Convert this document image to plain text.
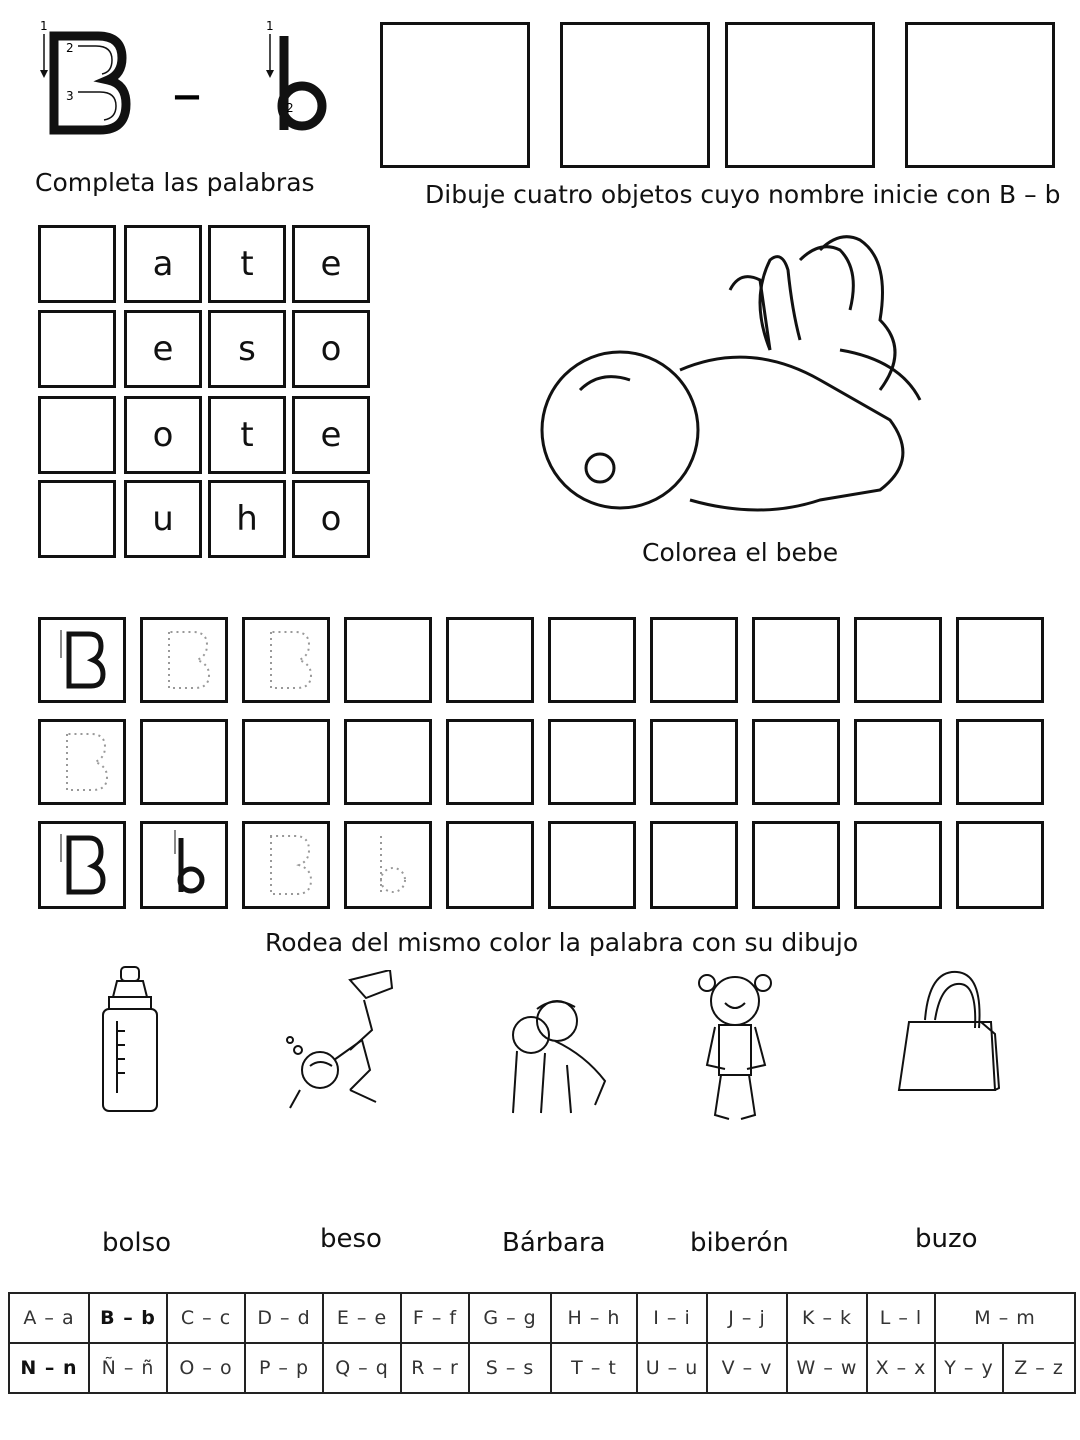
1
2
3 –
1
2
Completa las palabras	Dibuje cuatro objetos cuyo nombre inicie con B – b
a	t	e
e	s	o
o	t	e
u	h	o
Colorea el bebe
Rodea del mismo color la palabra con su dibujo
bolso	beso	Bárbara	biberón	buzo
A – a	B – b	C – c	D – d	E – e	F – f	G – g	H – h	I – i	J – j	K – k	L – l	M – m	
N – n	Ñ – ñ	O – o	P – p	Q – q	R – r	S – s	T – t	U – u	V – v	W – w	X – x	Y – y	Z – z
